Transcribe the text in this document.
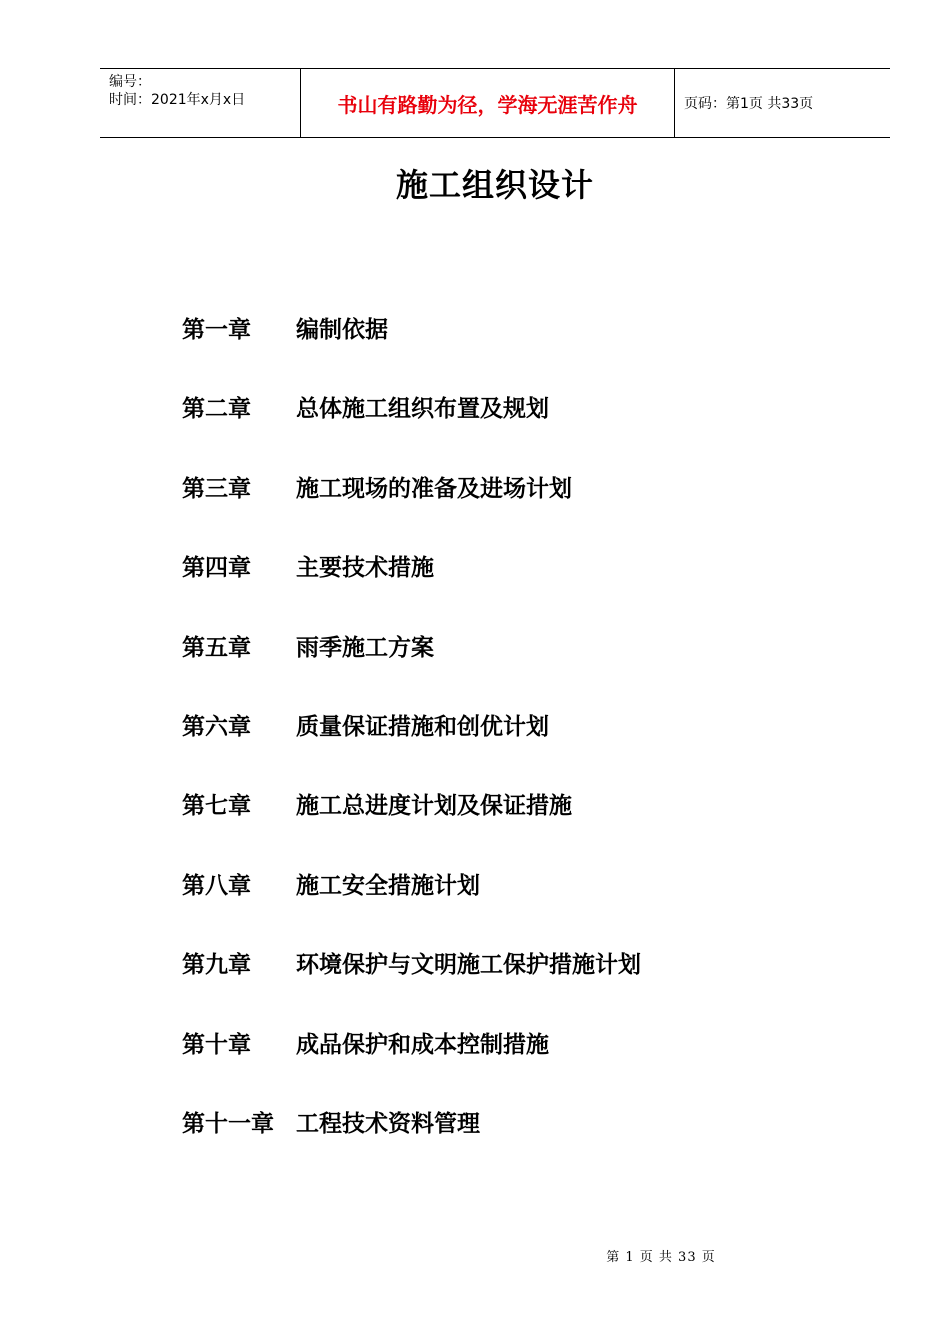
编号：
时间：2021年x月x日	书山有路勤为径，学海无涯苦作舟	页码：第1页 共33页
施工组织设计
第一章 编制依据
第二章 总体施工组织布置及规划
第三章 施工现场的准备及进场计划
第四章 主要技术措施
第五章 雨季施工方案
第六章 质量保证措施和创优计划
第七章 施工总进度计划及保证措施
第八章 施工安全措施计划
第九章 环境保护与文明施工保护措施计划
第十章 成品保护和成本控制措施
第十一章 工程技术资料管理
第 1 页 共 33 页
